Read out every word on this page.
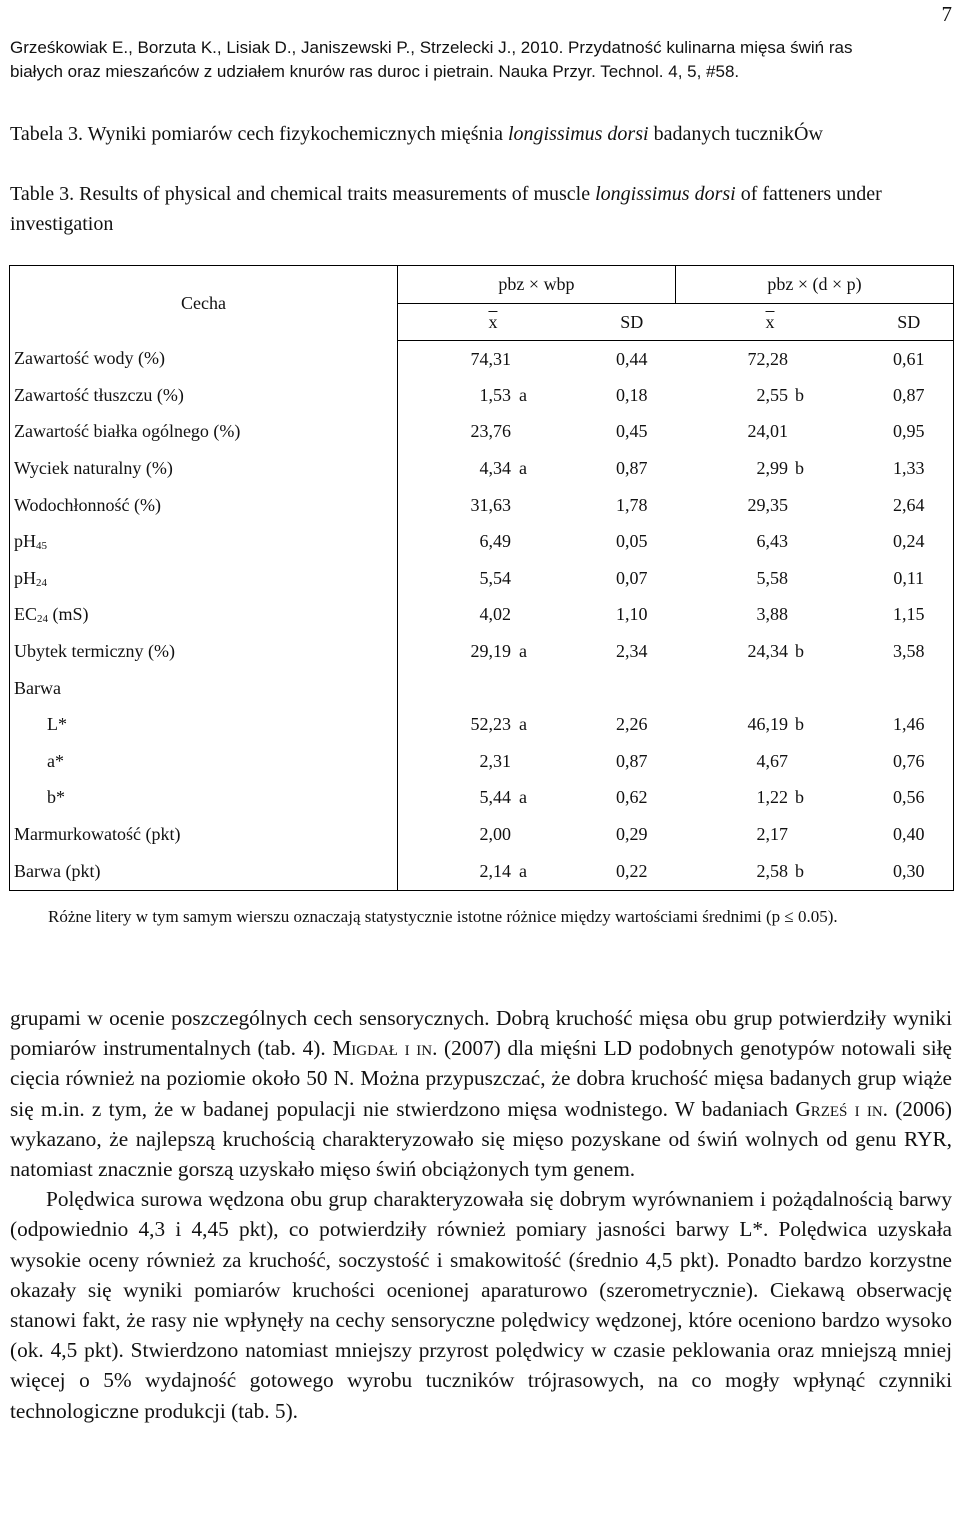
7
Grześkowiak E., Borzuta K., Lisiak D., Janiszewski P., Strzelecki J., 2010. Przydatność kulinarna mięsa świń ras
białych oraz mieszańców z udziałem knurów ras duroc i pietrain. Nauka Przyr. Technol. 4, 5, #58.
Tabela 3. Wyniki pomiarów cech fizykochemicznych mięśnia longissimus dorsi badanych tucznikÓw
Table 3. Results of physical and chemical traits measurements of muscle longissimus dorsi of fatteners under investigation
Cecha	pbz × wbp		pbz × (d × p)	
	$\overline{x}$	SD	$\overline{x}$	SD
Zawartość wody (%)	74,31	0,44	72,28	0,61
Zawartość tłuszczu (%)	1,53 a	0,18	2,55 b	0,87
Zawartość białka ogólnego (%)	23,76	0,45	24,01	0,95
Wyciek naturalny (%)	4,34 a	0,87	2,99 b	1,33
Wodochłonność (%)	31,63	1,78	29,35	2,64
$pH_{45}$	6,49	0,05	6,43	0,24
$pH_{24}$	5,54	0,07	5,58	0,11
$EC_{24}$ (mS)	4,02	1,10	3,88	1,15
Ubytek termiczny (%)	29,19 a	2,34	24,34 b	3,58
Barwa				
L*	52,23 a	2,26	46,19 b	1,46
a*	2,31	0,87	4,67	0,76
b*	5,44 a	0,62	1,22 b	0,56
Marmurkowatość (pkt)	2,00	0,29	2,17	0,40
Barwa (pkt)	2,14 a	0,22	2,58 b	0,30
Różne litery w tym samym wierszu oznaczają statystycznie istotne różnice między wartościami średnimi (p ≤ 0.05).

grupami w ocenie poszczególnych cech sensorycznych. Dobrą kruchość mięsa obu grup potwierdziły wyniki pomiarów instrumentalnych (tab. 4). Migdał i in. (2007) dla mięśni LD podobnych genotypów notowali siłę cięcia również na poziomie około 50 N. Można przypuszczać, że dobra kruchość mięsa badanych grup wiąże się m.in. z tym, że w badanej populacji nie stwierdzono mięsa wodnistego. W badaniach Grześ i in. (2006) wykazano, że najlepszą kruchością charakteryzowało się mięso pozyskane od świń wolnych od genu RYR, natomiast znacznie gorszą uzyskało mięso świń obciążonych tym genem.

Polędwica surowa wędzona obu grup charakteryzowała się dobrym wyrównaniem i pożądalnością barwy (odpowiednio 4,3 i 4,45 pkt), co potwierdziły również pomiary jasności barwy L*. Polędwica uzyskała wysokie oceny również za kruchość, soczystość i smakowitość (średnio 4,5 pkt). Ponadto bardzo korzystne okazały się wyniki pomiarów kruchości ocenionej aparaturowo (szerometrycznie). Ciekawą obserwację stanowi fakt, że rasy nie wpłynęły na cechy sensoryczne polędwicy wędzonej, które oceniono bardzo wysoko (ok. 4,5 pkt). Stwierdzono natomiast mniejszy przyrost polędwicy w czasie peklowania oraz mniejszą mniej więcej o 5% wydajność gotowego wyrobu tuczników trójrasowych, na co mogły wpłynąć czynniki technologiczne produkcji (tab. 5).
